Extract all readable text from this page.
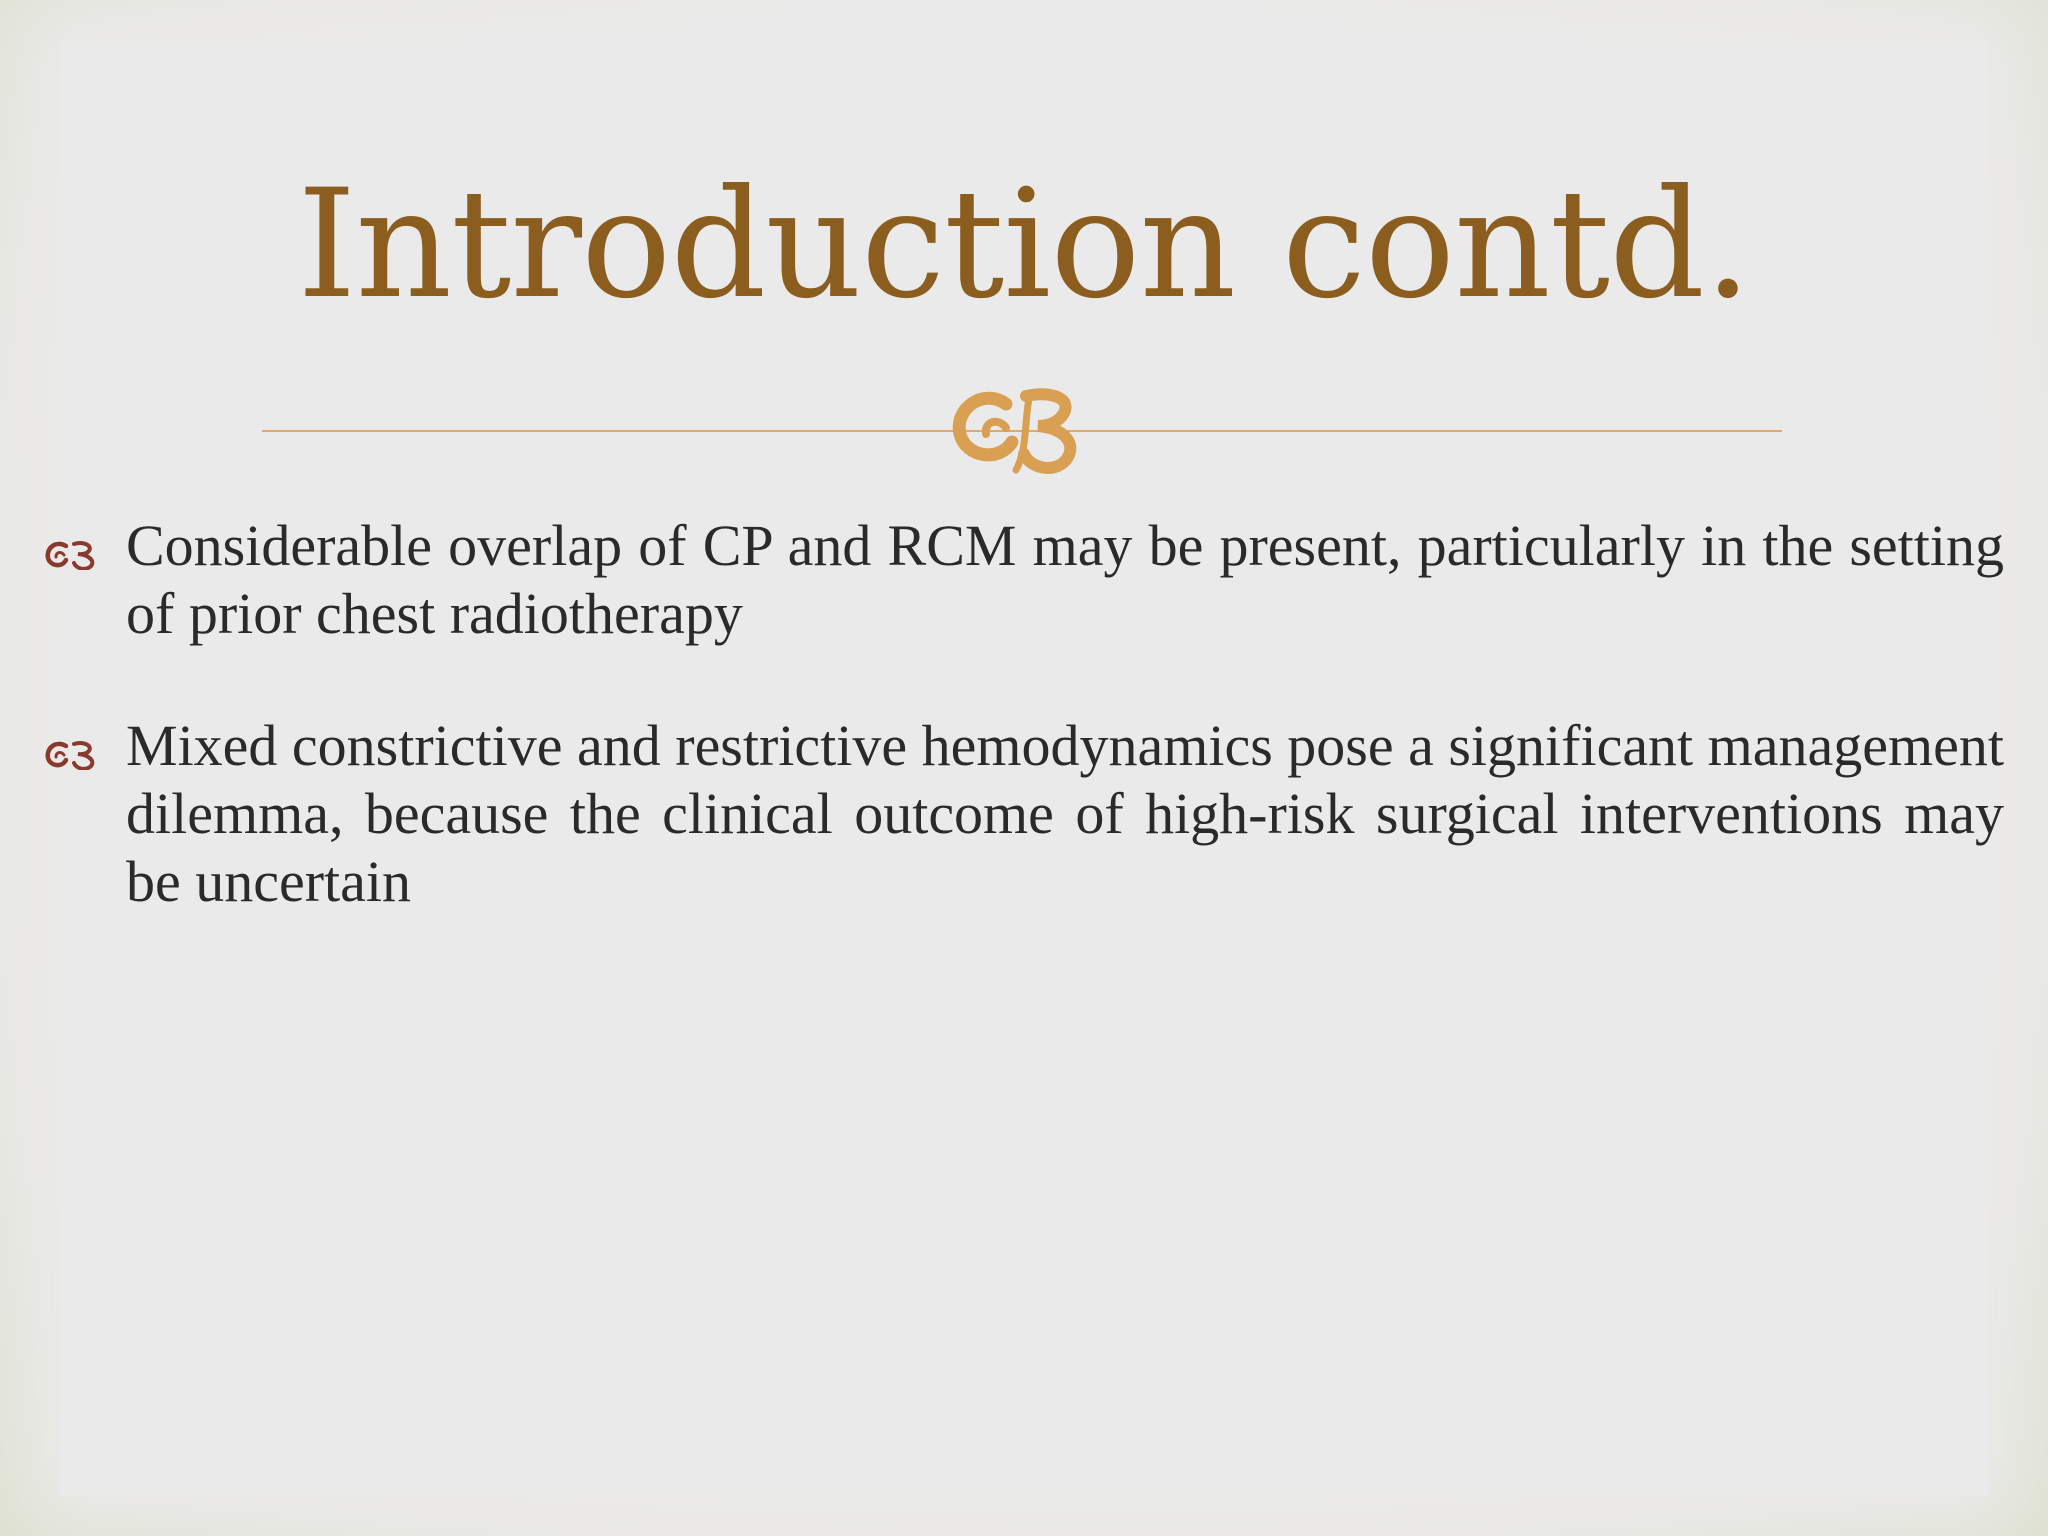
Introduction contd.
Considerable overlap of CP and RCM may be present, particularly in the setting of prior chest radiotherapy
Mixed constrictive and restrictive hemodynamics pose a significant management dilemma, because the clinical outcome of high-risk surgical interventions may be uncertain
